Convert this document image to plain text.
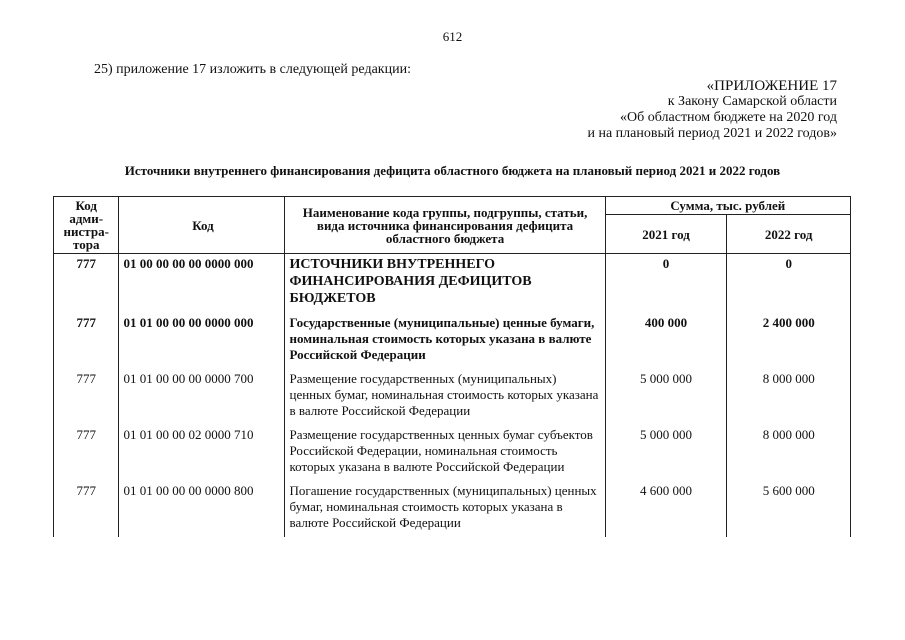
612
25) приложение 17 изложить в следующей редакции:
«ПРИЛОЖЕНИЕ 17
к Закону Самарской области
«Об областном бюджете на 2020 год
и на плановый период 2021 и 2022 годов»
Источники внутреннего финансирования дефицита областного бюджета на плановый период 2021 и 2022 годов
Код
адми-
нистра-
тора	Код	Наименование кода группы, подгруппы, статьи, вида источника финансирования дефицита областного бюджета	Сумма, тыс. рублей	
			2021 год	2022 год
777	01 00 00 00 00 0000 000	ИСТОЧНИКИ ВНУТРЕННЕГО ФИНАНСИРОВАНИЯ ДЕФИЦИТОВ БЮДЖЕТОВ	0	0
777	01 01 00 00 00 0000 000	Государственные (муниципальные) ценные бумаги, номинальная стоимость которых указана в валюте Российской Федерации	400 000	2 400 000
777	01 01 00 00 00 0000 700	Размещение государственных (муниципальных) ценных бумаг, номинальная стоимость которых указана в валюте Российской Федерации	5 000 000	8 000 000
777	01 01 00 00 02 0000 710	Размещение государственных ценных бумаг субъектов Российской Федерации, номинальная стоимость которых указана в валюте Российской Федерации	5 000 000	8 000 000
777	01 01 00 00 00 0000 800	Погашение государственных (муниципальных) ценных бумаг, номинальная стоимость которых указана в валюте Российской Федерации	4 600 000	5 600 000
